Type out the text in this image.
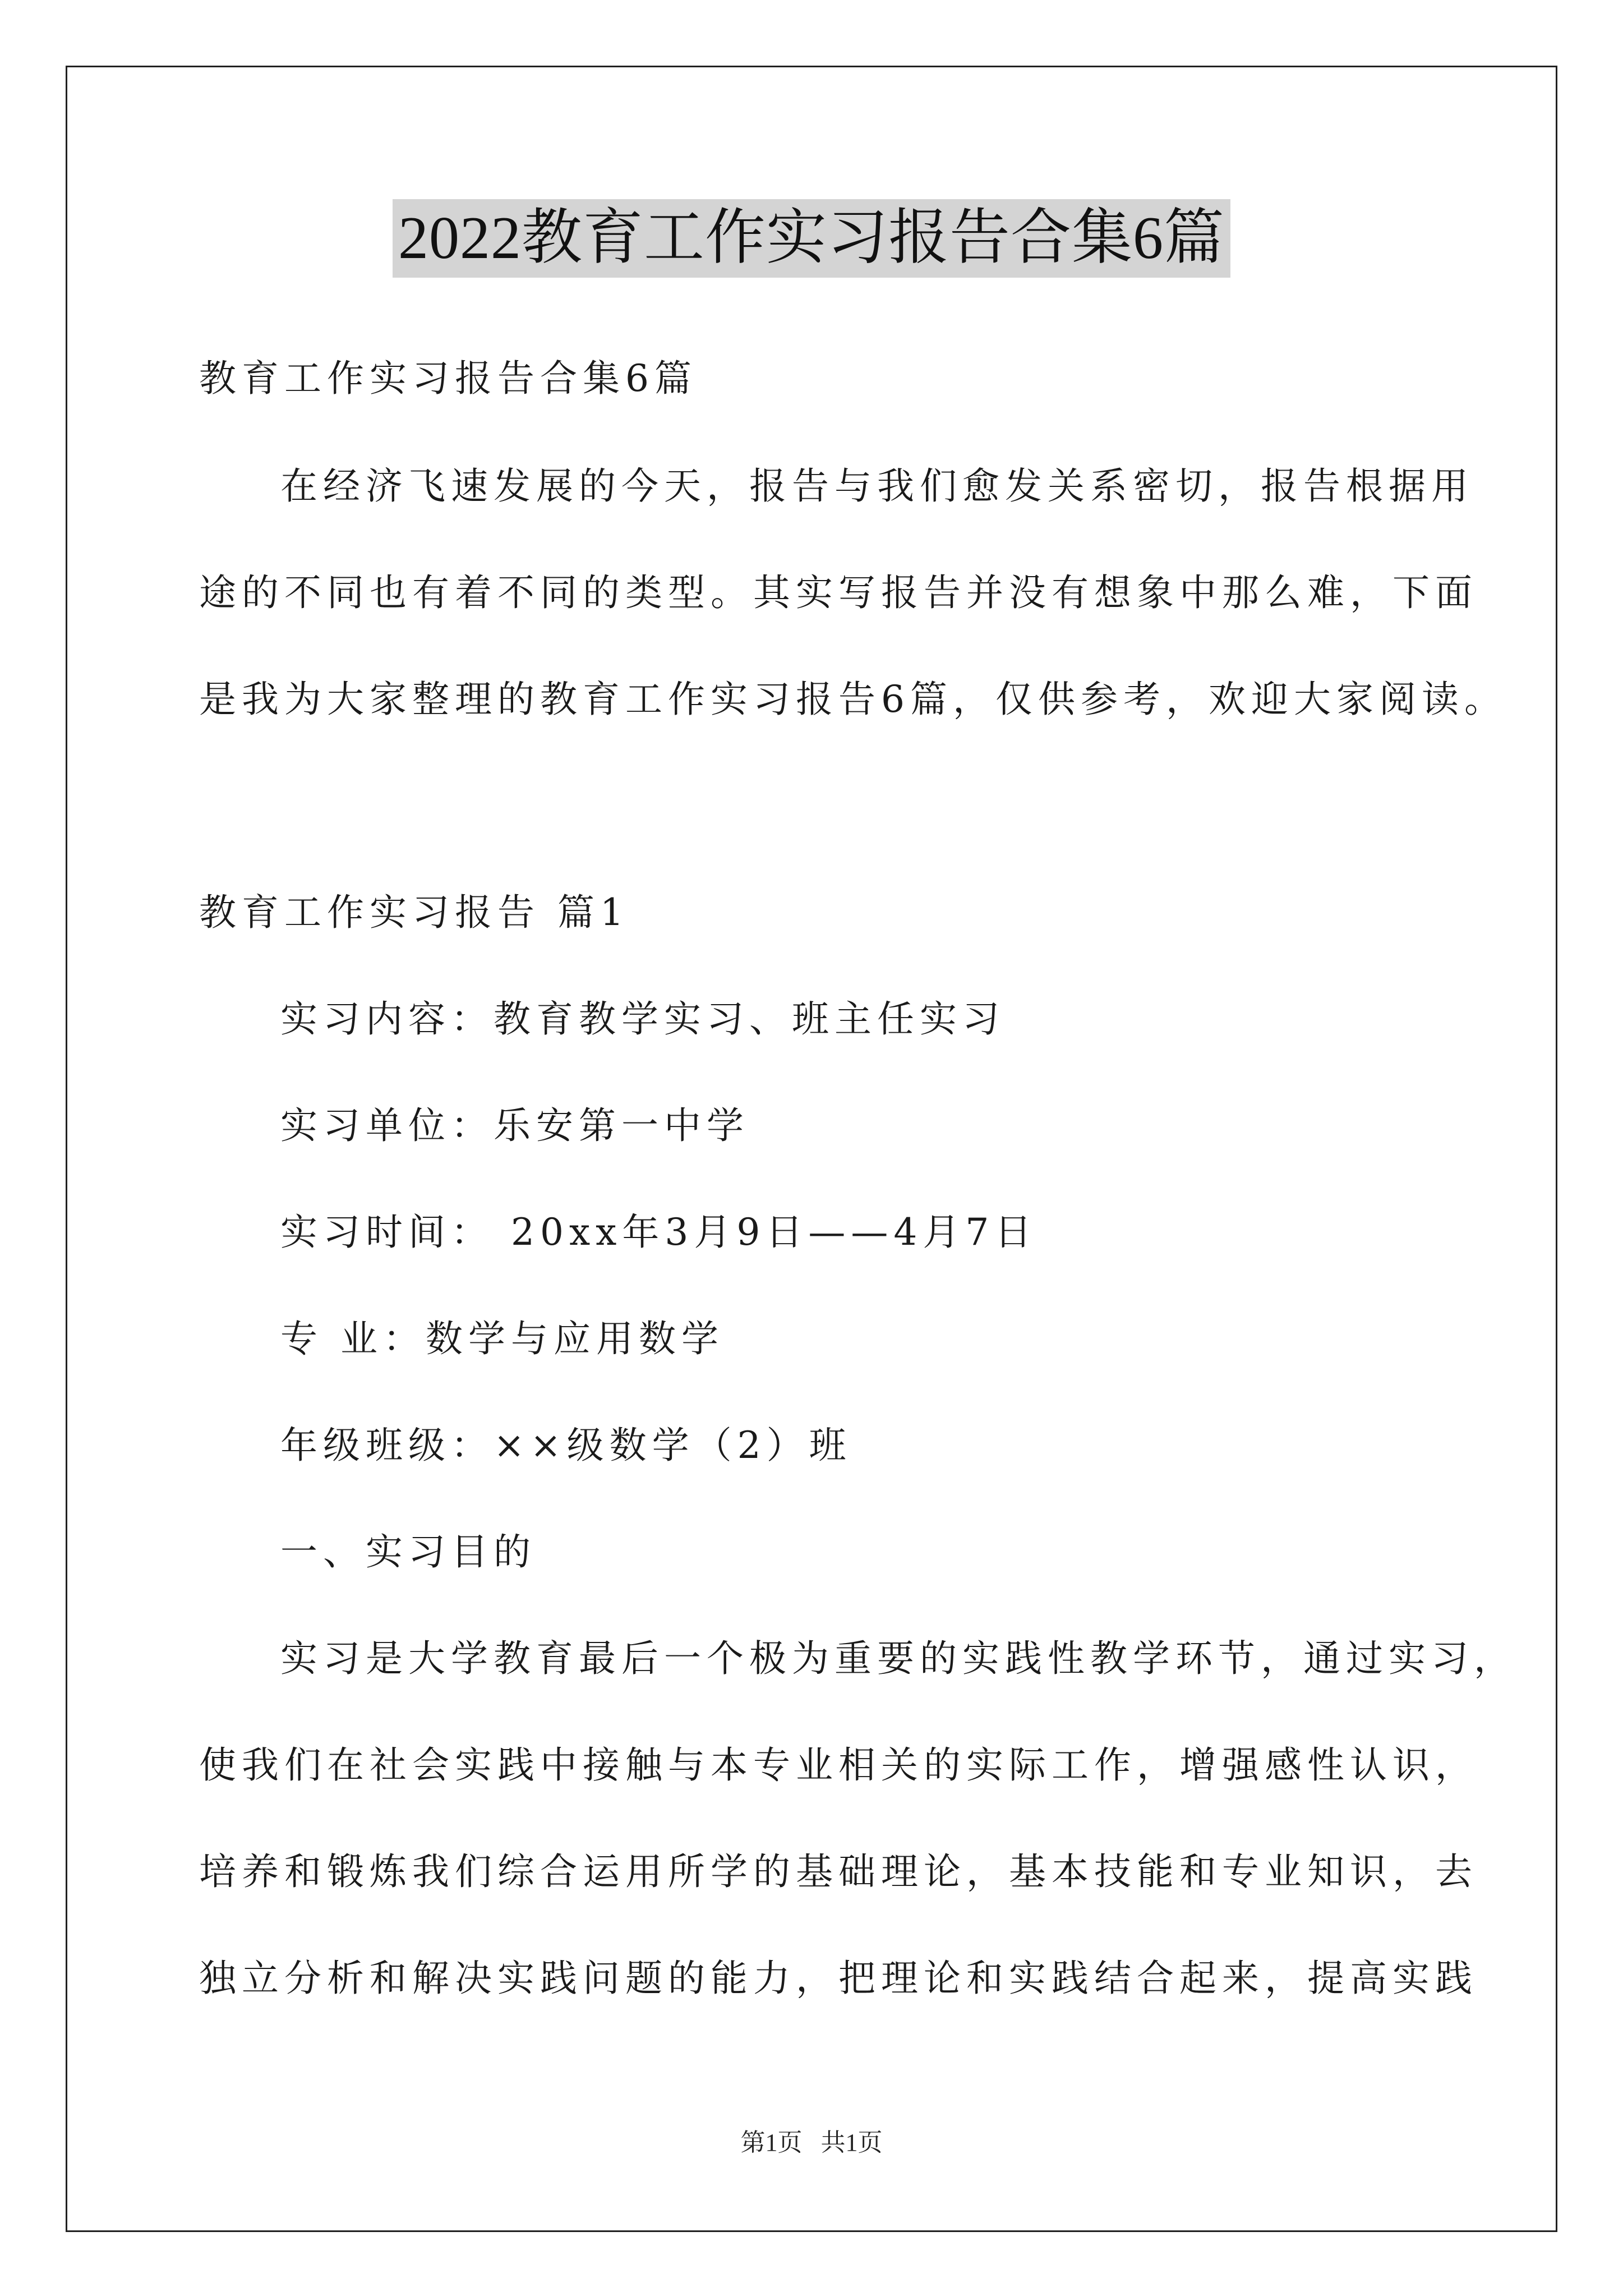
2022教育工作实习报告合集6篇
教育工作实习报告合集6篇
在经济飞速发展的今天，报告与我们愈发关系密切，报告根据用
途的不同也有着不同的类型。其实写报告并没有想象中那么难，下面
是我为大家整理的教育工作实习报告6篇，仅供参考，欢迎大家阅读。
教育工作实习报告 篇1
实习内容：教育教学实习、班主任实习
实习单位：乐安第一中学
实习时间： 20xx年3月9日——4月7日
专 业：数学与应用数学
年级班级：××级数学（2）班
一、实习目的
实习是大学教育最后一个极为重要的实践性教学环节，通过实习，
使我们在社会实践中接触与本专业相关的实际工作，增强感性认识，
培养和锻炼我们综合运用所学的基础理论，基本技能和专业知识，去
独立分析和解决实践问题的能力，把理论和实践结合起来，提高实践
第1页   共1页
